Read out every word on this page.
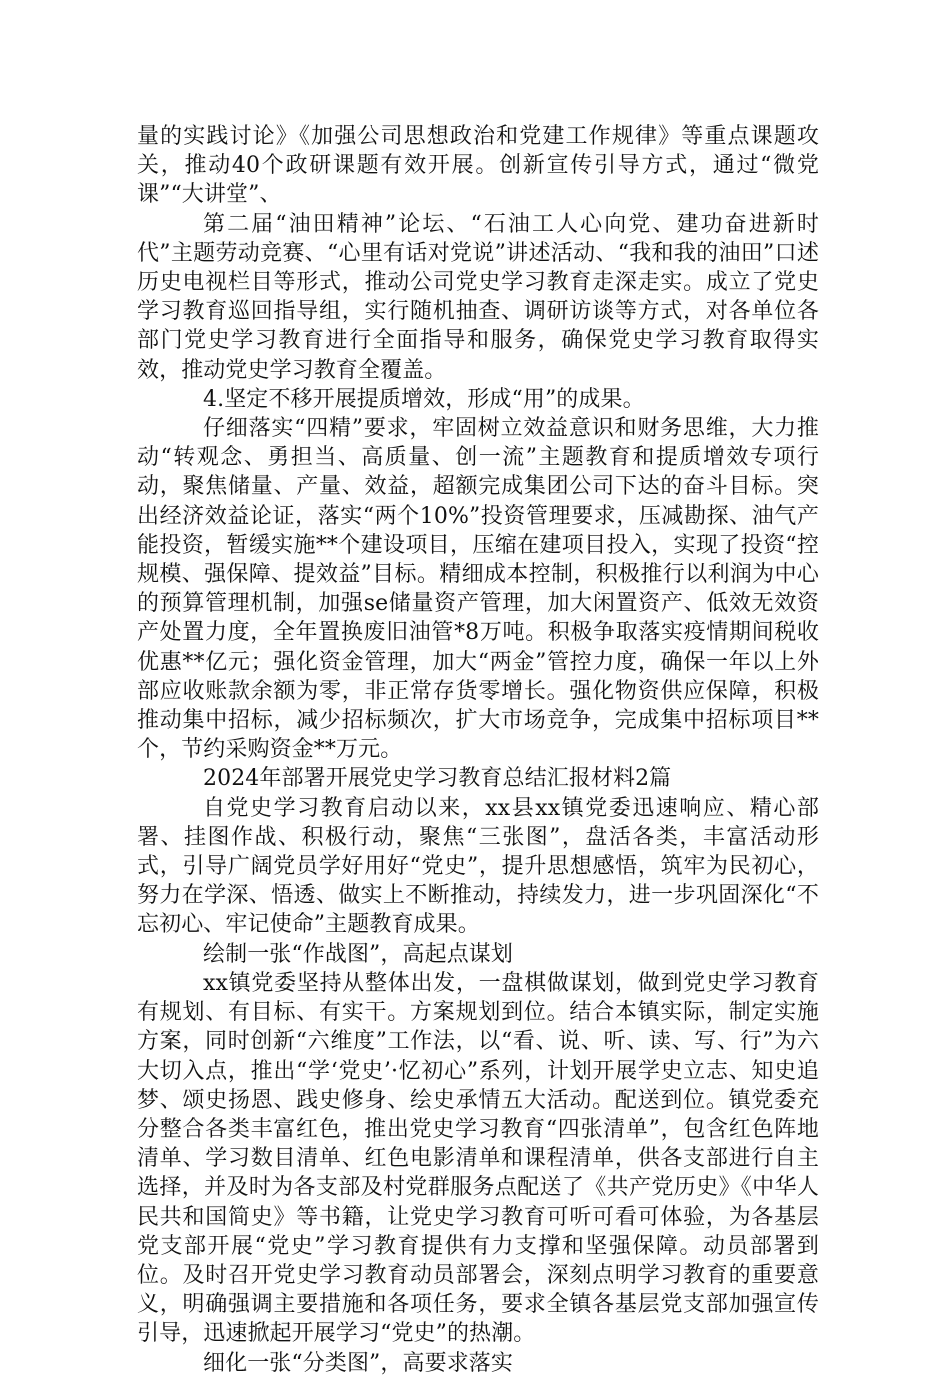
量的实践讨论》《加强公司思想政治和党建工作规律》等重点课题攻关，推动40个政研课题有效开展。创新宣传引导方式，通过“微党课”“大讲堂”、

第二届“油田精神”论坛、“石油工人心向党、建功奋进新时代”主题劳动竞赛、“心里有话对党说”讲述活动、“我和我的油田”口述历史电视栏目等形式，推动公司党史学习教育走深走实。成立了党史学习教育巡回指导组，实行随机抽查、调研访谈等方式，对各单位各部门党史学习教育进行全面指导和服务，确保党史学习教育取得实效，推动党史学习教育全覆盖。

4.坚定不移开展提质增效，形成“用”的成果。

仔细落实“四精”要求，牢固树立效益意识和财务思维，大力推动“转观念、勇担当、高质量、创一流”主题教育和提质增效专项行动，聚焦储量、产量、效益，超额完成集团公司下达的奋斗目标。突出经济效益论证，落实“两个10%”投资管理要求，压减勘探、油气产能投资，暂缓实施**个建设项目，压缩在建项目投入，实现了投资“控规模、强保障、提效益”目标。精细成本控制，积极推行以利润为中心的预算管理机制，加强se储量资产管理，加大闲置资产、低效无效资产处置力度，全年置换废旧油管*8万吨。积极争取落实疫情期间税收优惠**亿元；强化资金管理，加大“两金”管控力度，确保一年以上外部应收账款余额为零，非正常存货零增长。强化物资供应保障，积极推动集中招标，减少招标频次，扩大市场竞争，完成集中招标项目**个，节约采购资金**万元。

2024年部署开展党史学习教育总结汇报材料2篇

自党史学习教育启动以来，xx县xx镇党委迅速响应、精心部署、挂图作战、积极行动，聚焦“三张图”，盘活各类，丰富活动形式，引导广阔党员学好用好“党史”，提升思想感悟，筑牢为民初心，努力在学深、悟透、做实上不断推动，持续发力，进一步巩固深化“不忘初心、牢记使命”主题教育成果。

绘制一张“作战图”，高起点谋划

xx镇党委坚持从整体出发，一盘棋做谋划，做到党史学习教育有规划、有目标、有实干。方案规划到位。结合本镇实际，制定实施方案，同时创新“六维度”工作法，以“看、说、听、读、写、行”为六大切入点，推出“学‘党史’·忆初心”系列，计划开展学史立志、知史追梦、颂史扬恩、践史修身、绘史承情五大活动。配送到位。镇党委充分整合各类丰富红色，推出党史学习教育“四张清单”，包含红色阵地清单、学习数目清单、红色电影清单和课程清单，供各支部进行自主选择，并及时为各支部及村党群服务点配送了《共产党历史》《中华人民共和国简史》等书籍，让党史学习教育可听可看可体验，为各基层党支部开展“党史”学习教育提供有力支撑和坚强保障。动员部署到位。及时召开党史学习教育动员部署会，深刻点明学习教育的重要意义，明确强调主要措施和各项任务，要求全镇各基层党支部加强宣传引导，迅速掀起开展学习“党史”的热潮。

细化一张“分类图”，高要求落实
